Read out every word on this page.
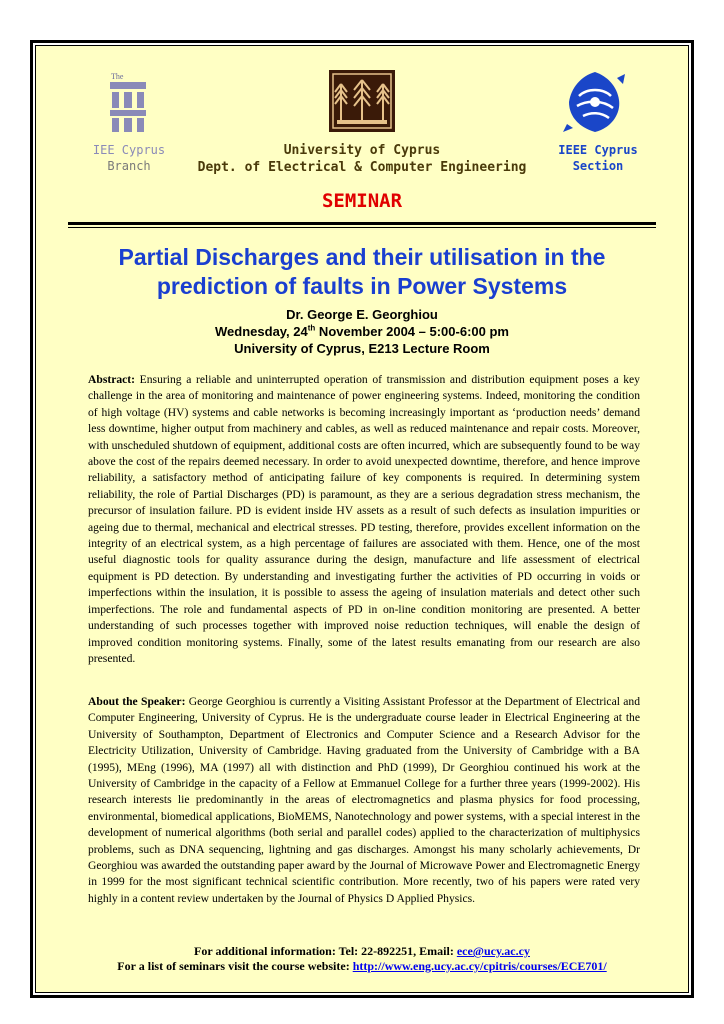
The
IEE Cyprus
Branch
University of Cyprus
Dept. of Electrical & Computer Engineering
IEEE Cyprus
Section
SEMINAR
Partial Discharges and their utilisation in the
prediction of faults in Power Systems
Dr. George E. Georghiou
Wednesday, 24th November 2004 – 5:00-6:00 pm
University of Cyprus, E213 Lecture Room
Abstract: Ensuring a reliable and uninterrupted operation of transmission and distribution equipment poses a key challenge in the area of monitoring and maintenance of power engineering systems. Indeed, monitoring the condition of high voltage (HV) systems and cable networks is becoming increasingly important as ‘production needs’ demand less downtime, higher output from machinery and cables, as well as reduced maintenance and repair costs. Moreover, with unscheduled shutdown of equipment, additional costs are often incurred, which are subsequently found to be way above the cost of the repairs deemed necessary. In order to avoid unexpected downtime, therefore, and hence improve reliability, a satisfactory method of anticipating failure of key components is required. In determining system reliability, the role of Partial Discharges (PD) is paramount, as they are a serious degradation stress mechanism, the precursor of insulation failure. PD is evident inside HV assets as a result of such defects as insulation impurities or ageing due to thermal, mechanical and electrical stresses. PD testing, therefore, provides excellent information on the integrity of an electrical system, as a high percentage of failures are associated with them. Hence, one of the most useful diagnostic tools for quality assurance during the design, manufacture and life assessment of electrical equipment is PD detection. By understanding and investigating further the activities of PD occurring in voids or imperfections within the insulation, it is possible to assess the ageing of insulation materials and detect other such imperfections. The role and fundamental aspects of PD in on-line condition monitoring are presented. A better understanding of such processes together with improved noise reduction techniques, will enable the design of improved condition monitoring systems. Finally, some of the latest results emanating from our research are also presented.
About the Speaker: George Georghiou is currently a Visiting Assistant Professor at the Department of Electrical and Computer Engineering, University of Cyprus. He is the undergraduate course leader in Electrical Engineering at the University of Southampton, Department of Electronics and Computer Science and a Research Advisor for the Electricity Utilization, University of Cambridge. Having graduated from the University of Cambridge with a BA (1995), MEng (1996), MA (1997) all with distinction and PhD (1999), Dr Georghiou continued his work at the University of Cambridge in the capacity of a Fellow at Emmanuel College for a further three years (1999-2002). His research interests lie predominantly in the areas of electromagnetics and plasma physics for food processing, environmental, biomedical applications, BioMEMS, Nanotechnology and power systems, with a special interest in the development of numerical algorithms (both serial and parallel codes) applied to the characterization of multiphysics problems, such as DNA sequencing, lightning and gas discharges. Amongst his many scholarly achievements, Dr Georghiou was awarded the outstanding paper award by the Journal of Microwave Power and Electromagnetic Energy in 1999 for the most significant technical scientific contribution. More recently, two of his papers were rated very highly in a content review undertaken by the Journal of Physics D Applied Physics.
For additional information: Tel: 22-892251, Email: ece@ucy.ac.cy
For a list of seminars visit the course website: http://www.eng.ucy.ac.cy/cpitris/courses/ECE701/
